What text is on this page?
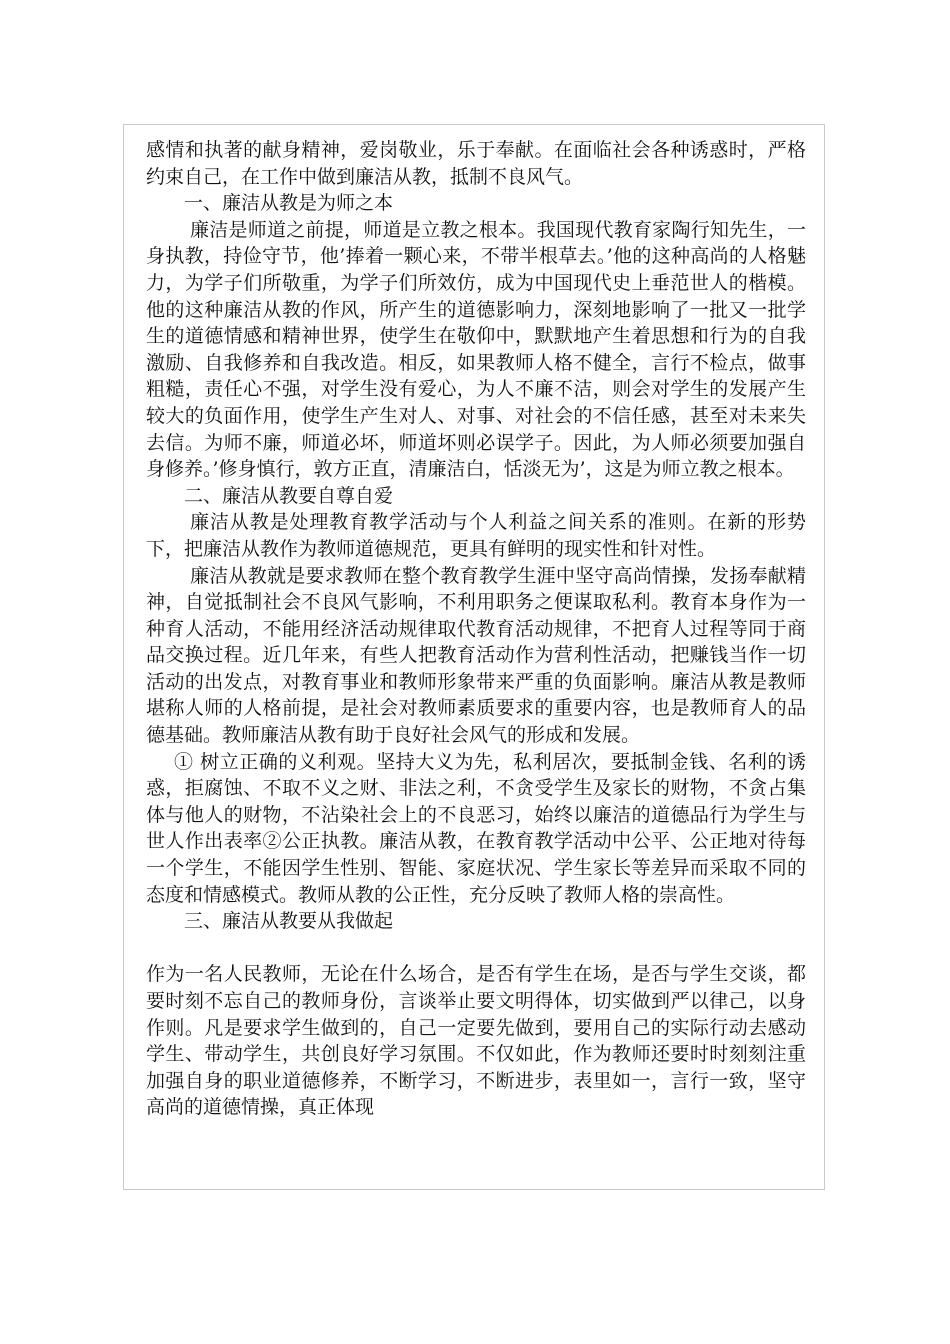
感情和执著的献身精神，爱岗敬业，乐于奉献。在面临社会各种诱惑时，严格约束自己，在工作中做到廉洁从教，抵制不良风气。

一、廉洁从教是为师之本

廉洁是师道之前提，师道是立教之根本。我国现代教育家陶行知先生，一身执教，持俭守节，他’捧着一颗心来，不带半根草去。’他的这种高尚的人格魅力，为学子们所敬重，为学子们所效仿，成为中国现代史上垂范世人的楷模。他的这种廉洁从教的作风，所产生的道德影响力，深刻地影响了一批又一批学生的道德情感和精神世界，使学生在敬仰中，默默地产生着思想和行为的自我激励、自我修养和自我改造。相反，如果教师人格不健全，言行不检点，做事粗糙，责任心不强，对学生没有爱心，为人不廉不洁，则会对学生的发展产生较大的负面作用，使学生产生对人、对事、对社会的不信任感，甚至对未来失去信。为师不廉，师道必坏，师道坏则必误学子。因此，为人师必须要加强自身修养。’修身慎行，敦方正直，清廉洁白，恬淡无为’，这是为师立教之根本。

二、廉洁从教要自尊自爱

廉洁从教是处理教育教学活动与个人利益之间关系的准则。在新的形势下，把廉洁从教作为教师道德规范，更具有鲜明的现实性和针对性。

廉洁从教就是要求教师在整个教育教学生涯中坚守高尚情操，发扬奉献精神，自觉抵制社会不良风气影响，不利用职务之便谋取私利。教育本身作为一种育人活动，不能用经济活动规律取代教育活动规律，不把育人过程等同于商品交换过程。近几年来，有些人把教育活动作为营利性活动，把赚钱当作一切活动的出发点，对教育事业和教师形象带来严重的负面影响。廉洁从教是教师堪称人师的人格前提，是社会对教师素质要求的重要内容，也是教师育人的品德基础。教师廉洁从教有助于良好社会风气的形成和发展。

① 树立正确的义利观。坚持大义为先，私利居次，要抵制金钱、名利的诱惑，拒腐蚀、不取不义之财、非法之利，不贪受学生及家长的财物，不贪占集体与他人的财物，不沾染社会上的不良恶习，始终以廉洁的道德品行为学生与世人作出表率②公正执教。廉洁从教，在教育教学活动中公平、公正地对待每一个学生，不能因学生性别、智能、家庭状况、学生家长等差异而采取不同的态度和情感模式。教师从教的公正性，充分反映了教师人格的崇高性。

三、廉洁从教要从我做起

作为一名人民教师，无论在什么场合，是否有学生在场，是否与学生交谈，都要时刻不忘自己的教师身份，言谈举止要文明得体，切实做到严以律己，以身作则。凡是要求学生做到的，自己一定要先做到，要用自己的实际行动去感动学生、带动学生，共创良好学习氛围。不仅如此，作为教师还要时时刻刻注重加强自身的职业道德修养，不断学习，不断进步，表里如一，言行一致，坚守高尚的道德情操，真正体现
